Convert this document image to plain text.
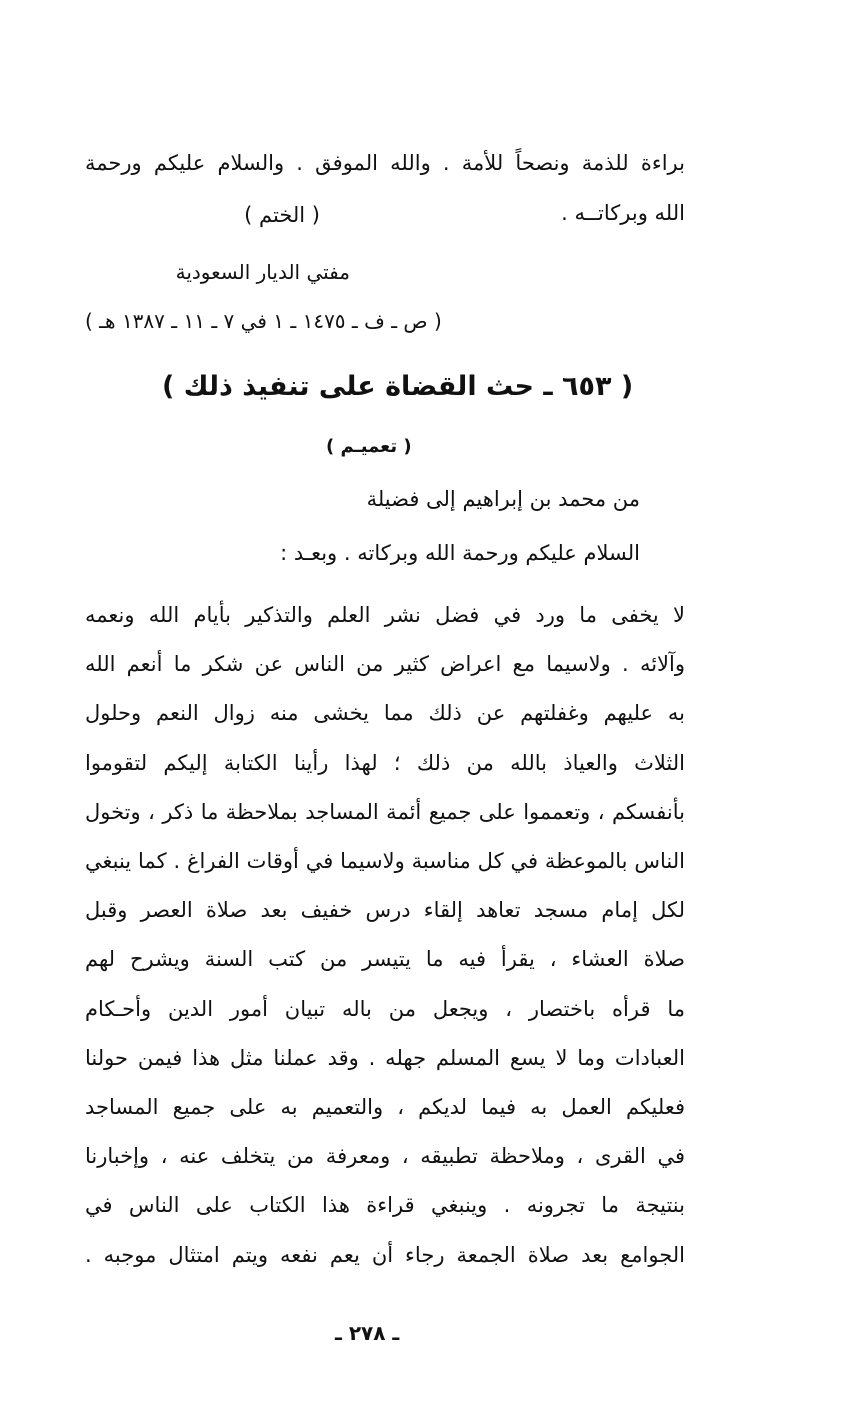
براءة للذمة ونصحاً للأمة . والله الموفق . والسلام عليكم ورحمة
الله وبركاتــه .
( الختم )
مفتي الديار السعودية
( ص ـ ف ـ ١٤٧٥ ـ ١ في ٧ ـ ١١ ـ ١٣٨٧ هـ )
( ٦٥٣ ـ حث القضاة على تنفيذ ذلك )
( تعميـم )
من محمد بن إبراهيم إلى فضيلة
السلام عليكم ورحمة الله وبركاته . وبعـد :
لا يخفى ما ورد في فضل نشر العلم والتذكير بأيام الله ونعمه
وآلائه . ولاسيما مع اعراض كثير من الناس عن شكر ما أنعم الله
به عليهم وغفلتهم عن ذلك مما يخشى منه زوال النعم وحلول
الثلاث والعياذ بالله من ذلك ؛ لهذا رأينا الكتابة إليكم لتقوموا
بأنفسكم ، وتعمموا على جميع أئمة المساجد بملاحظة ما ذكر ، وتخول
الناس بالموعظة في كل مناسبة ولاسيما في أوقات الفراغ . كما ينبغي
لكل إمام مسجد تعاهد إلقاء درس خفيف بعد صلاة العصر وقبل
صلاة العشاء ، يقرأ فيه ما يتيسر من كتب السنة ويشرح لهم
ما قرأه باختصار ، ويجعل من باله تبيان أمور الدين وأحـكام
العبادات وما لا يسع المسلم جهله . وقد عملنا مثل هذا فيمن حولنا
فعليكم العمل به فيما لديكم ، والتعميم به على جميع المساجد
في القرى ، وملاحظة تطبيقه ، ومعرفة من يتخلف عنه ، وإخبارنا
بنتيجة ما تجرونه . وينبغي قراءة هذا الكتاب على الناس في
الجوامع بعد صلاة الجمعة رجاء أن يعم نفعه ويتم امتثال موجبه .
ـ ٢٧٨ ـ
